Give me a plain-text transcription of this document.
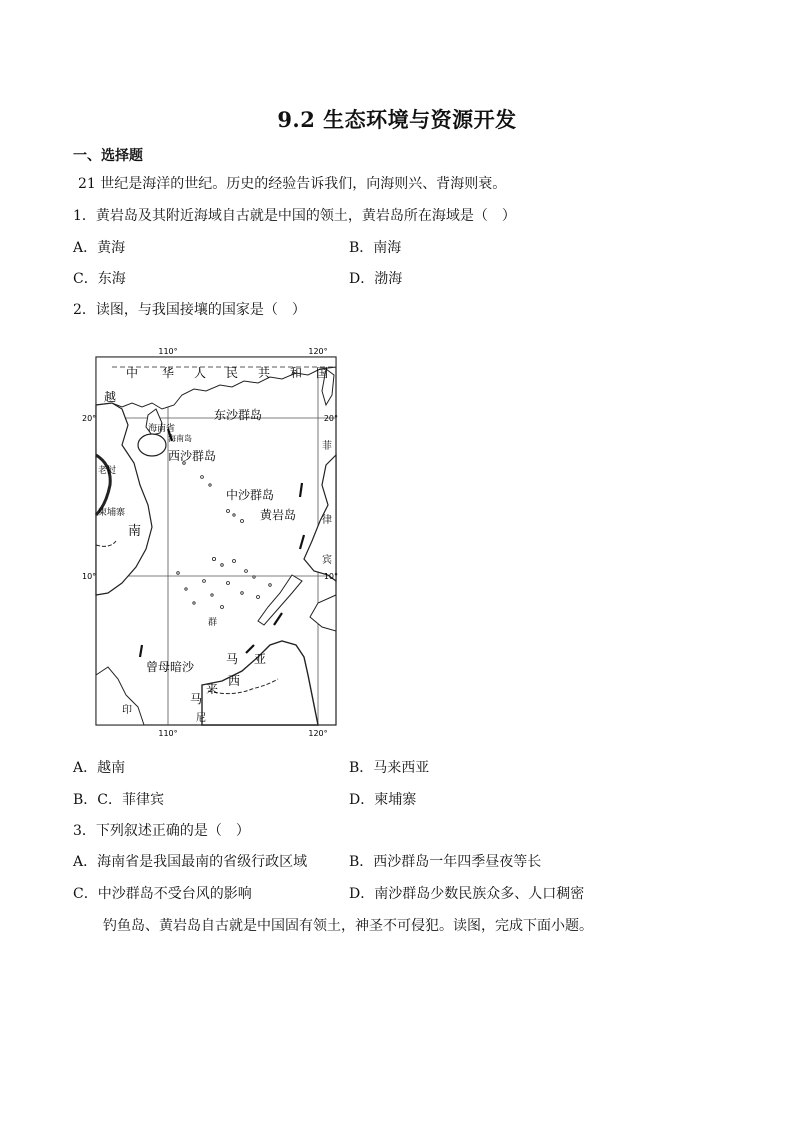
9.2 生态环境与资源开发
一、选择题
21 世纪是海洋的世纪。历史的经验告诉我们，向海则兴、背海则衰。
1．黄岩岛及其附近海域自古就是中国的领土，黄岩岛所在海域是（　）
A．黄海	B．南海
C．东海	D．渤海
2．读图，与我国接壤的国家是（　）
110°	120°
110°	120°
20°
10°
20°
10°
中 华 人 民 共 和 国
越
海南省
海南岛
东沙群岛
西沙群岛
中沙群岛
黄岩岛
老挝
柬埔寨
南
菲
律
宾
群
曾母暗沙
马
来
西
亚
马
印
尼
A．越南	B．马来西亚
B．C．菲律宾	D．柬埔寨
3．下列叙述正确的是（　）
A．海南省是我国最南的省级行政区域	B．西沙群岛一年四季昼夜等长
C．中沙群岛不受台风的影响	D．南沙群岛少数民族众多、人口稠密
钓鱼岛、黄岩岛自古就是中国固有领土，神圣不可侵犯。读图，完成下面小题。
